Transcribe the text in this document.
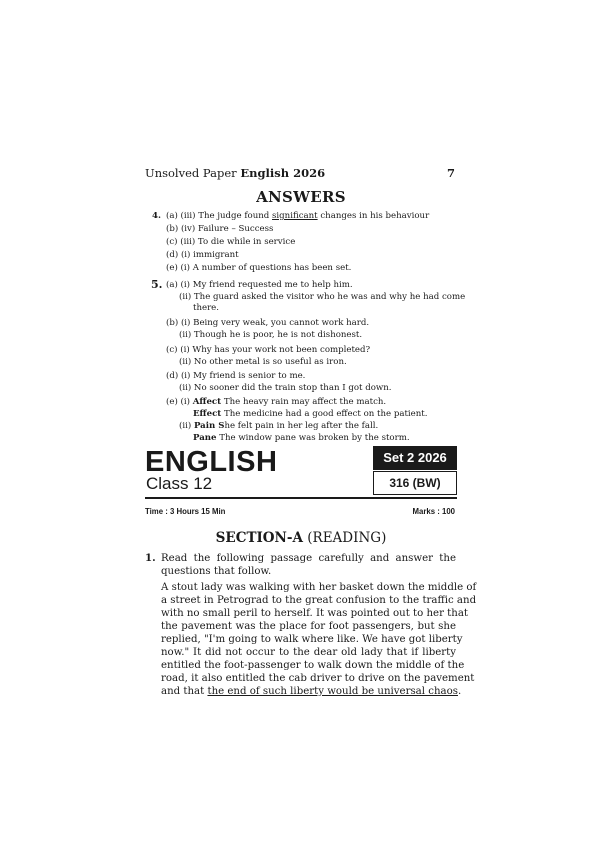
Unsolved Paper English 2026	7
ANSWERS
4. (a) (iii) The judge found significant changes in his behaviour
(b) (iv) Failure – Success
(c) (iii) To die while in service
(d) (i) immigrant
(e) (i) A number of questions has been set.
5. (a) (i) My friend requested me to help him.
(ii) The guard asked the visitor who he was and why he had come
there.
(b) (i) Being very weak, you cannot work hard.
(ii) Though he is poor, he is not dishonest.
(c) (i) Why has your work not been completed?
(ii) No other metal is so useful as iron.
(d) (i) My friend is senior to me.
(ii) No sooner did the train stop than I got down.
(e) (i) Affect The heavy rain may affect the match.
Effect The medicine had a good effect on the patient.
(ii) Pain She felt pain in her leg after the fall.
Pane The window pane was broken by the storm.
ENGLISH
Class 12
Set 2 2026
316 (BW)
Time : 3 Hours 15 Min	Marks : 100
SECTION-A (READING)
1. Read the following passage carefully and answer the
questions that follow.
A stout lady was walking with her basket down the middle of
a street in Petrograd to the great confusion to the traffic and
with no small peril to herself. It was pointed out to her that
the pavement was the place for foot passengers, but she
replied, "I'm going to walk where like. We have got liberty
now." It did not occur to the dear old lady that if liberty
entitled the foot-passenger to walk down the middle of the
road, it also entitled the cab driver to drive on the pavement
and that the end of such liberty would be universal chaos.
